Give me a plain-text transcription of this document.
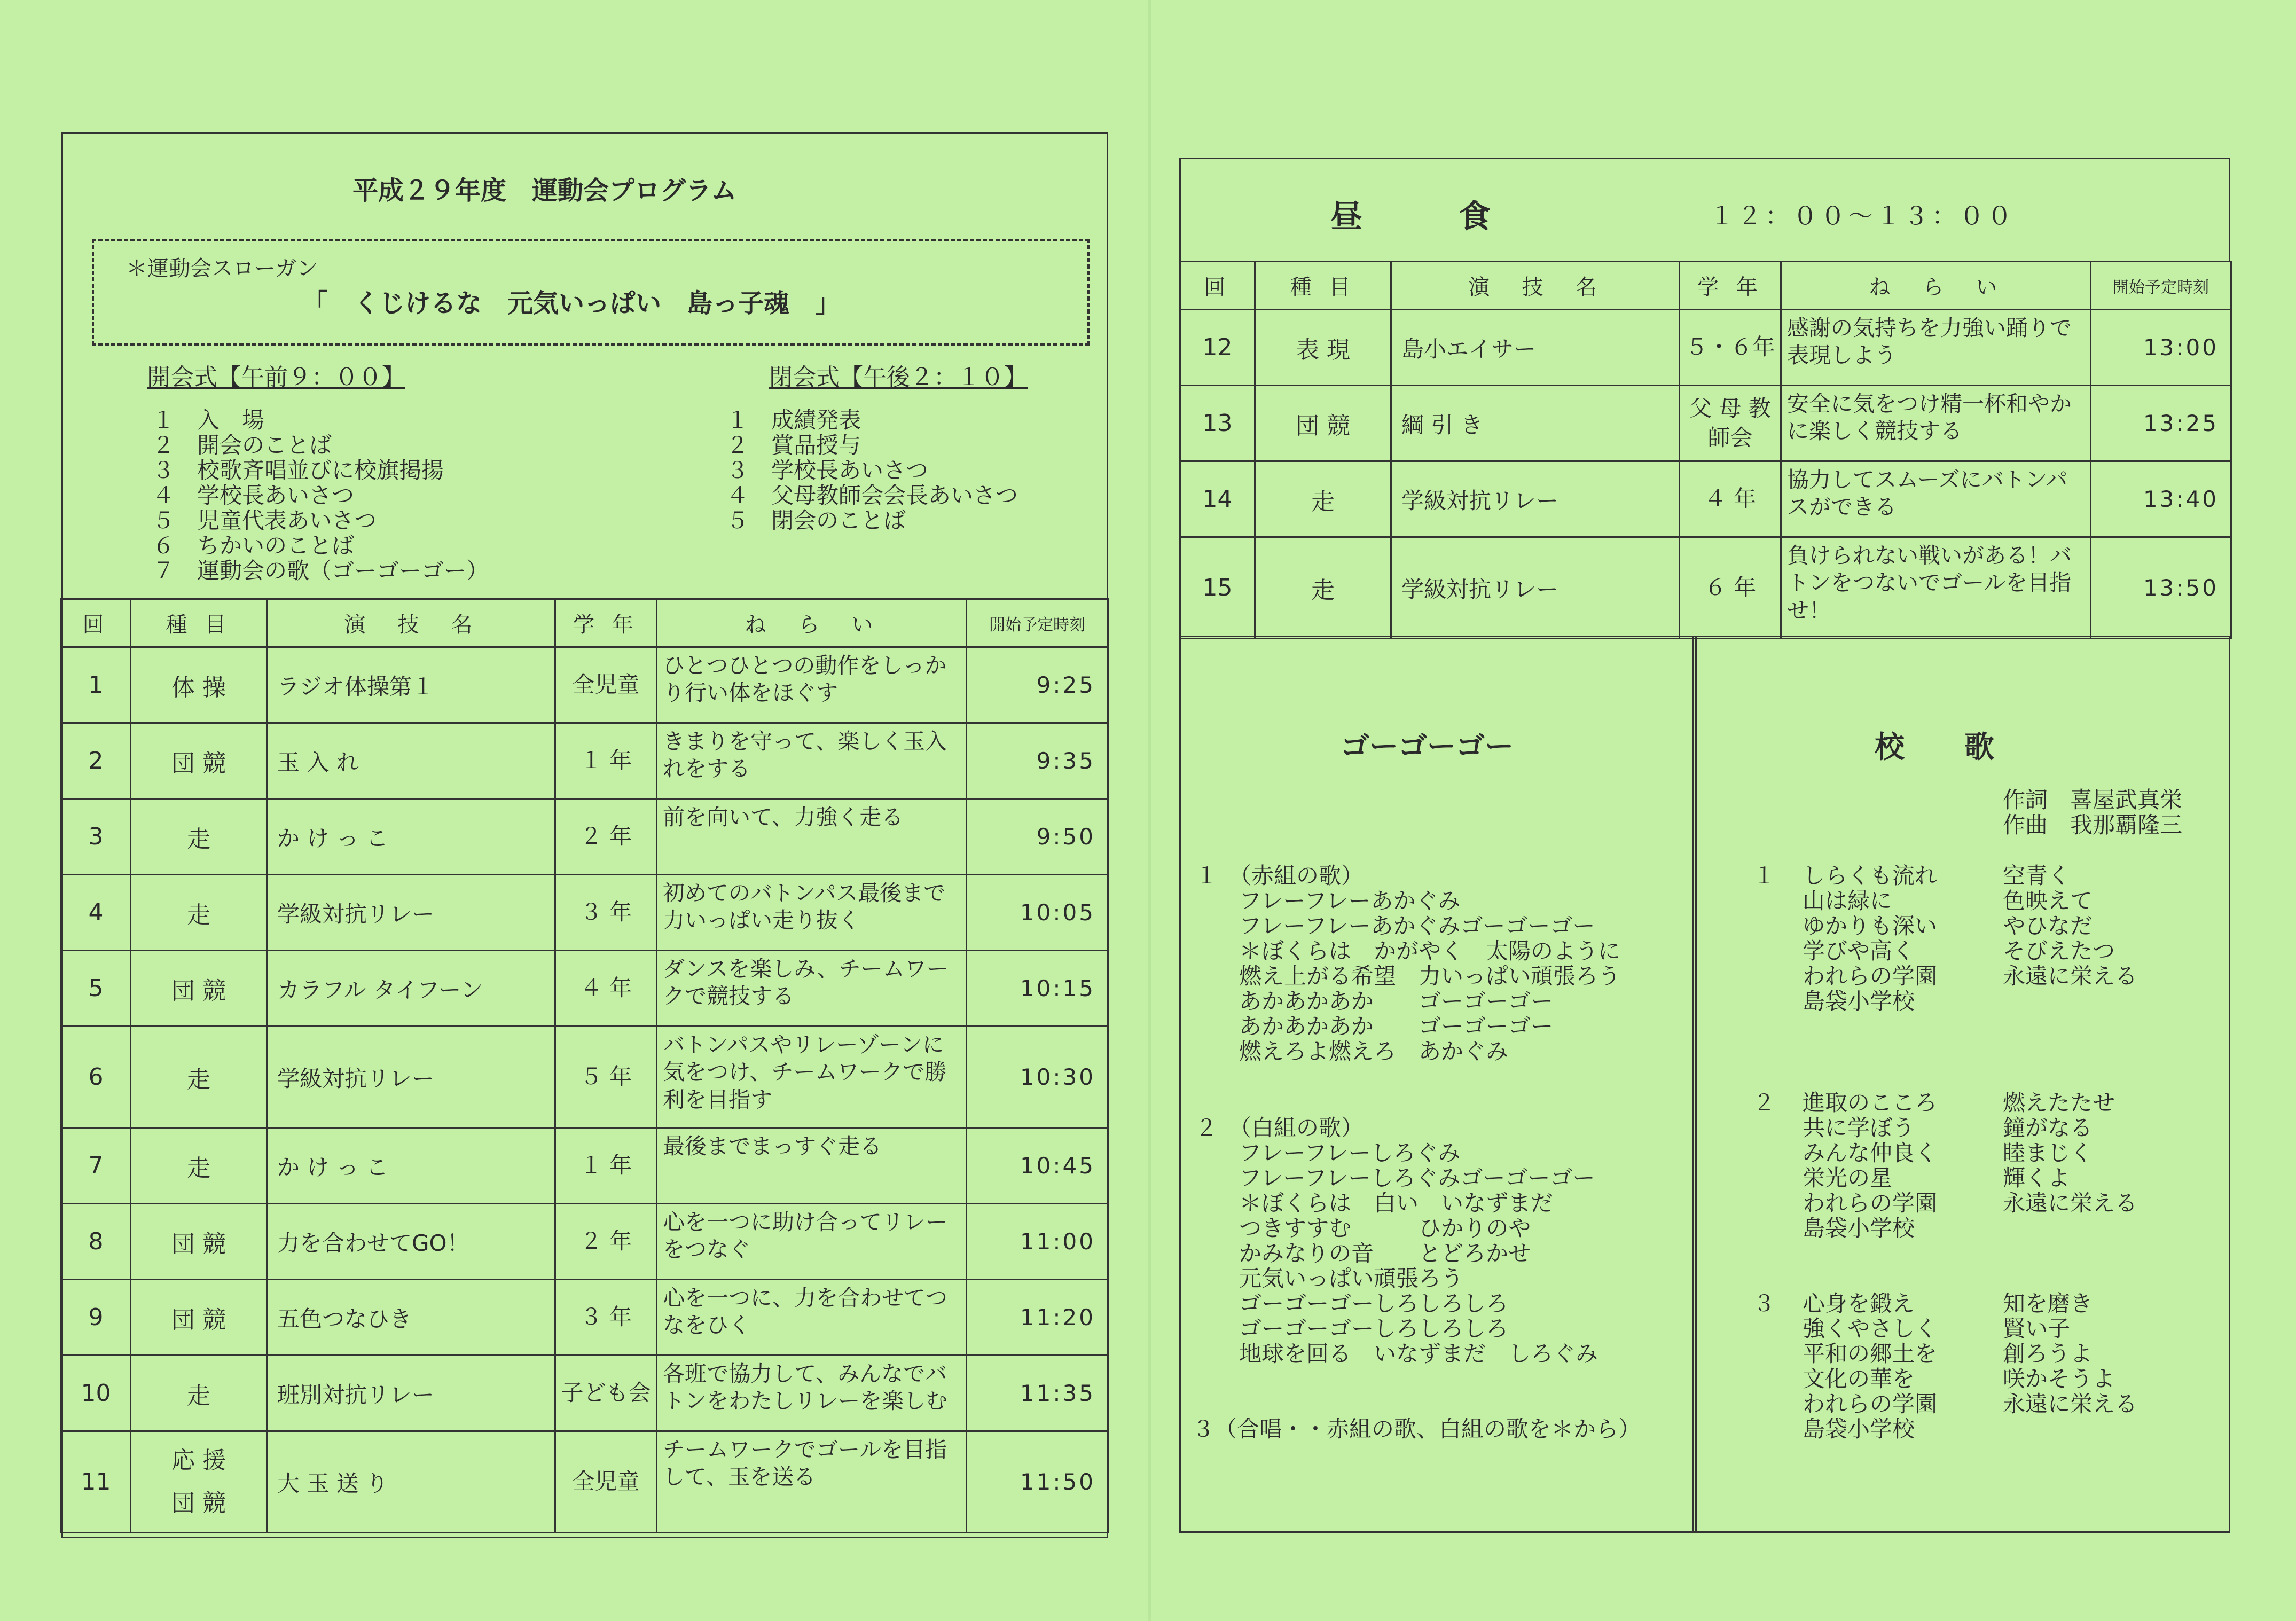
平成２９年度　運動会プログラム
＊運動会スローガン
「　くじけるな　元気いっぱい　島っ子魂　」
開会式【午前９：００】
１　入　場
２　開会のことば
３　校歌斉唱並びに校旗掲揚
４　学校長あいさつ
５　児童代表あいさつ
６　ちかいのことば
７　運動会の歌（ゴーゴーゴー）
閉会式【午後２：１０】
１　成績発表
２　賞品授与
３　学校長あいさつ
４　父母教師会会長あいさつ
５　閉会のことば
回	種 目	演　技　名	学 年	ね　ら　い	開始予定時刻
1	体 操	ラジオ体操第１	全児童	ひとつひとつの動作をしっかり行い体をほぐす	9:25
2	団 競	玉 入 れ	１ 年	きまりを守って、楽しく玉入れをする	9:35
3	走	か け っ こ	２ 年	前を向いて、力強く走る	9:50
4	走	学級対抗リレー	３ 年	初めてのバトンパス最後まで力いっぱい走り抜く	10:05
5	団 競	カラフル タイフーン	４ 年	ダンスを楽しみ、チームワークで競技する	10:15
6	走	学級対抗リレー	５ 年	バトンパスやリレーゾーンに気をつけ、チームワークで勝利を目指す	10:30
7	走	か け っ こ	１ 年	最後までまっすぐ走る	10:45
8	団 競	力を合わせてGO！	２ 年	心を一つに助け合ってリレーをつなぐ	11:00
9	団 競	五色つなひき	３ 年	心を一つに、力を合わせてつなをひく	11:20
10	走	班別対抗リレー	子ども会	各班で協力して、みんなでバトンをわたしリレーを楽しむ	11:35
11	応 援 団 競	大 玉 送 り	全児童	チームワークでゴールを目指して、玉を送る	11:50
昼　　食	１２：００〜１３：００
回	種 目	演　技　名	学 年	ね　ら　い	開始予定時刻
12	表 現	島小エイサー	５・６年	感謝の気持ちを力強い踊りで表現しよう	13:00
13	団 競	綱 引 き	父 母 教師会	安全に気をつけ精一杯和やかに楽しく競技する	13:25
14	走	学級対抗リレー	４ 年	協力してスムーズにバトンパスができる	13:40
15	走	学級対抗リレー	６ 年	負けられない戦いがある！バトンをつないでゴールを目指せ！	13:50
ゴーゴーゴー
１　（赤組の歌）
フレーフレーあかぐみ
フレーフレーあかぐみゴーゴーゴー
＊ぼくらは　かがやく　太陽のように
燃え上がる希望　力いっぱい頑張ろう
あかあかあか　　ゴーゴーゴー
あかあかあか　　ゴーゴーゴー
燃えろよ燃えろ　あかぐみ
２　（白組の歌）
フレーフレーしろぐみ
フレーフレーしろぐみゴーゴーゴー
＊ぼくらは　白い　いなずまだ
つきすすむ　　　ひかりのや
かみなりの音　　とどろかせ
元気いっぱい頑張ろう
ゴーゴーゴーしろしろしろ
ゴーゴーゴーしろしろしろ
地球を回る　いなずまだ　しろぐみ
３（合唱・・赤組の歌、白組の歌を＊から）
校　　歌
作詞　喜屋武真栄
作曲　我那覇隆三
１ しらくも流れ
山は緑に
ゆかりも深い
学びや高く
われらの学園
島袋小学校
空青く
色映えて
やひなだ
そびえたつ
永遠に栄える
２ 進取のこころ
共に学ぼう
みんな仲良く
栄光の星
われらの学園
島袋小学校
燃えたたせ
鐘がなる
睦まじく
輝くよ
永遠に栄える
３ 心身を鍛え
強くやさしく
平和の郷土を
文化の華を
われらの学園
島袋小学校
知を磨き
賢い子
創ろうよ
咲かそうよ
永遠に栄える
